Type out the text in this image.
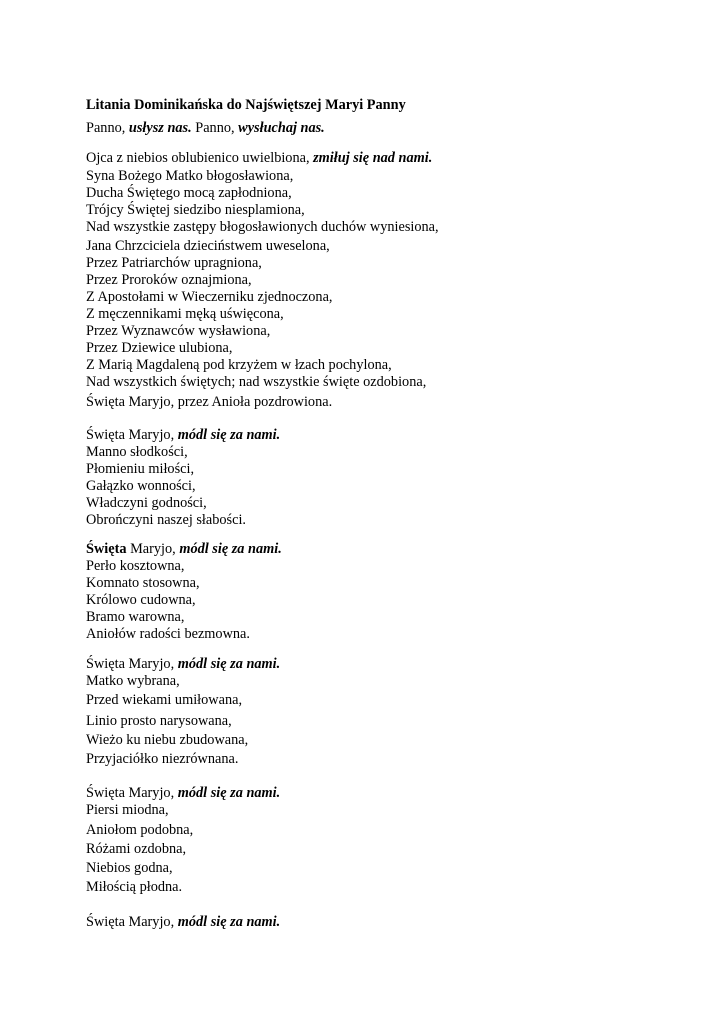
Litania Dominikańska do Najświętszej Maryi Panny
Panno, usłysz nas. Panno, wysłuchaj nas.
Ojca z niebios oblubienico uwielbiona, zmiłuj się nad nami.
Syna Bożego Matko błogosławiona,
Ducha Świętego mocą zapłodniona,
Trójcy Świętej siedzibo niesplamiona,
Nad wszystkie zastępy błogosławionych duchów wyniesiona,
Jana Chrzciciela dzieciństwem uweselona,
Przez Patriarchów upragniona,
Przez Proroków oznajmiona,
Z Apostołami w Wieczerniku zjednoczona,
Z męczennikami męką uświęcona,
Przez Wyznawców wysławiona,
Przez Dziewice ulubiona,
Z Marią Magdaleną pod krzyżem w łzach pochylona,
Nad wszystkich świętych; nad wszystkie święte ozdobiona,
Święta Maryjo, przez Anioła pozdrowiona.
Święta Maryjo, módl się za nami.
Manno słodkości,
Płomieniu miłości,
Gałązko wonności,
Władczyni godności,
Obrończyni naszej słabości.
Święta Maryjo, módl się za nami.
Perło kosztowna,
Komnato stosowna,
Królowo cudowna,
Bramo warowna,
Aniołów radości bezmowna.
Święta Maryjo, módl się za nami.
Matko wybrana,
Przed wiekami umiłowana,
Linio prosto narysowana,
Wieżo ku niebu zbudowana,
Przyjaciółko niezrównana.
Święta Maryjo, módl się za nami.
Piersi miodna,
Aniołom podobna,
Różami ozdobna,
Niebios godna,
Miłością płodna.
Święta Maryjo, módl się za nami.
